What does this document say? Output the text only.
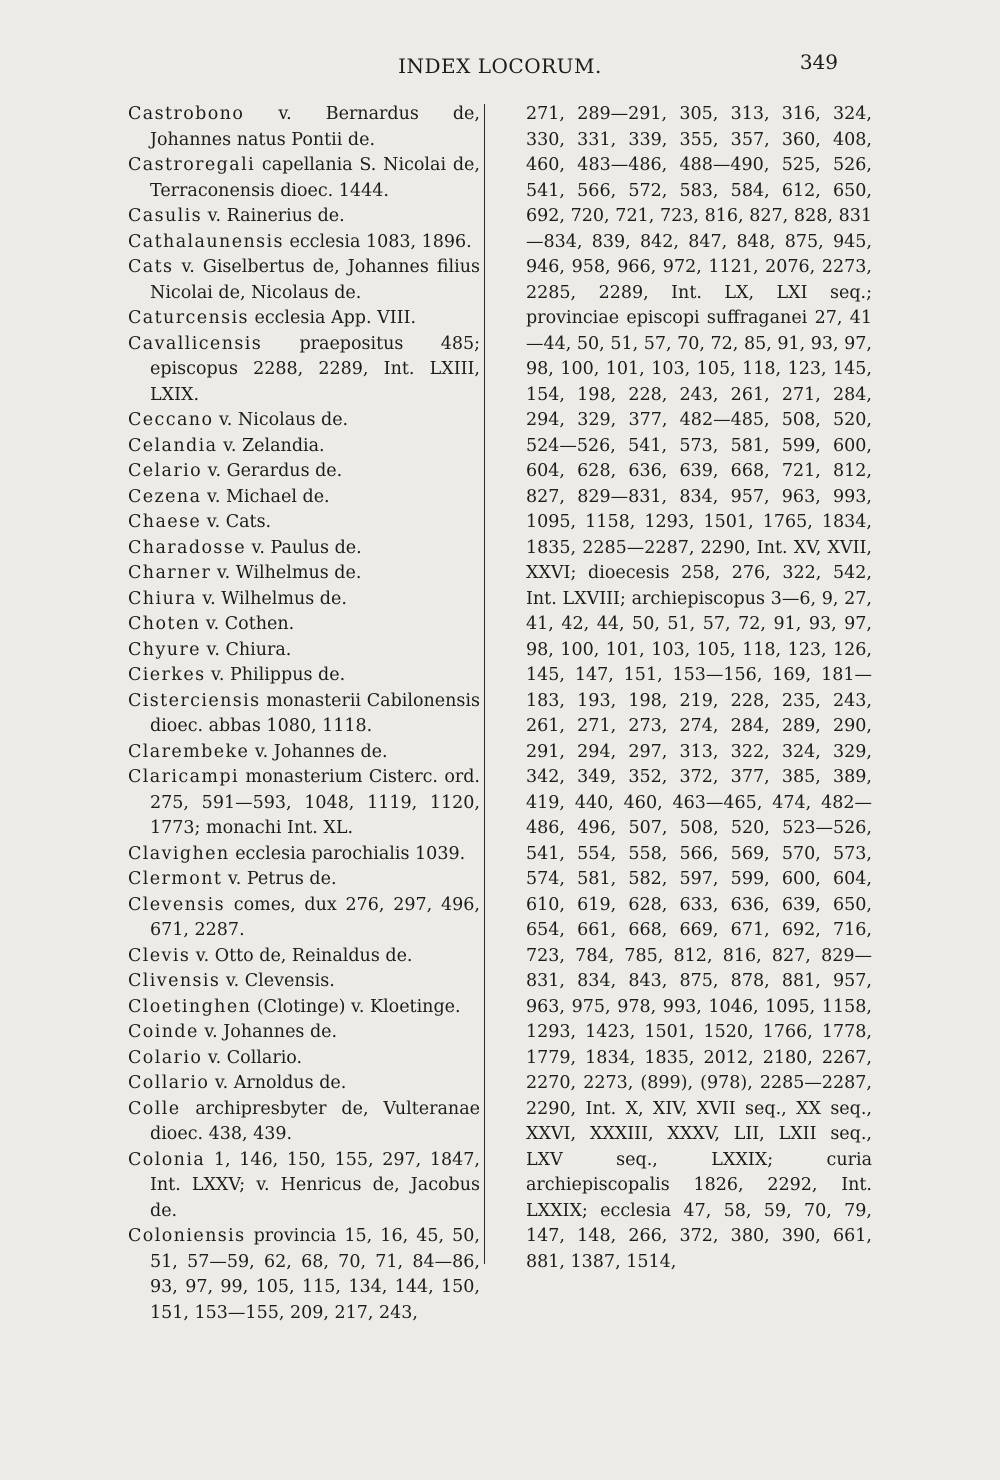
INDEX LOCORUM.	349

Castrobono v. Bernardus de, Johannes natus Pontii de.

Castroregali capellania S. Nicolai de, Terraconensis dioec. 1444.

Casulis v. Rainerius de.

Cathalaunensis ecclesia 1083, 1896.

Cats v. Giselbertus de, Johannes filius Nicolai de, Nicolaus de.

Caturcensis ecclesia App. VIII.

Cavallicensis praepositus 485; episcopus 2288, 2289, Int. LXIII, LXIX.

Ceccano v. Nicolaus de.

Celandia v. Zelandia.

Celario v. Gerardus de.

Cezena v. Michael de.

Chaese v. Cats.

Charadosse v. Paulus de.

Charner v. Wilhelmus de.

Chiura v. Wilhelmus de.

Choten v. Cothen.

Chyure v. Chiura.

Cierkes v. Philippus de.

Cisterciensis monasterii Cabilonensis dioec. abbas 1080, 1118.

Clarembeke v. Johannes de.

Claricampi monasterium Cisterc. ord. 275, 591—593, 1048, 1119, 1120, 1773; monachi Int. XL.

Clavighen ecclesia parochialis 1039.

Clermont v. Petrus de.

Clevensis comes, dux 276, 297, 496, 671, 2287.

Clevis v. Otto de, Reinaldus de.

Clivensis v. Clevensis.

Cloetinghen (Clotinge) v. Kloetinge.

Coinde v. Johannes de.

Colario v. Collario.

Collario v. Arnoldus de.

Colle archipresbyter de, Vulteranae dioec. 438, 439.

Colonia 1, 146, 150, 155, 297, 1847, Int. LXXV; v. Henricus de, Jacobus de.

Coloniensis provincia 15, 16, 45, 50, 51, 57—59, 62, 68, 70, 71, 84—86, 93, 97, 99, 105, 115, 134, 144, 150, 151, 153—155, 209, 217, 243,

271, 289—291, 305, 313, 316, 324, 330, 331, 339, 355, 357, 360, 408, 460, 483—486, 488—490, 525, 526, 541, 566, 572, 583, 584, 612, 650, 692, 720, 721, 723, 816, 827, 828, 831—834, 839, 842, 847, 848, 875, 945, 946, 958, 966, 972, 1121, 2076, 2273, 2285, 2289, Int. LX, LXI seq.; provinciae episcopi suffraganei 27, 41—44, 50, 51, 57, 70, 72, 85, 91, 93, 97, 98, 100, 101, 103, 105, 118, 123, 145, 154, 198, 228, 243, 261, 271, 284, 294, 329, 377, 482—485, 508, 520, 524—526, 541, 573, 581, 599, 600, 604, 628, 636, 639, 668, 721, 812, 827, 829—831, 834, 957, 963, 993, 1095, 1158, 1293, 1501, 1765, 1834, 1835, 2285—2287, 2290, Int. XV, XVII, XXVI; dioecesis 258, 276, 322, 542, Int. LXVIII; archiepiscopus 3—6, 9, 27, 41, 42, 44, 50, 51, 57, 72, 91, 93, 97, 98, 100, 101, 103, 105, 118, 123, 126, 145, 147, 151, 153—156, 169, 181—183, 193, 198, 219, 228, 235, 243, 261, 271, 273, 274, 284, 289, 290, 291, 294, 297, 313, 322, 324, 329, 342, 349, 352, 372, 377, 385, 389, 419, 440, 460, 463—465, 474, 482—486, 496, 507, 508, 520, 523—526, 541, 554, 558, 566, 569, 570, 573, 574, 581, 582, 597, 599, 600, 604, 610, 619, 628, 633, 636, 639, 650, 654, 661, 668, 669, 671, 692, 716, 723, 784, 785, 812, 816, 827, 829—831, 834, 843, 875, 878, 881, 957, 963, 975, 978, 993, 1046, 1095, 1158, 1293, 1423, 1501, 1520, 1766, 1778, 1779, 1834, 1835, 2012, 2180, 2267, 2270, 2273, (899), (978), 2285—2287, 2290, Int. X, XIV, XVII seq., XX seq., XXVI, XXXIII, XXXV, LII, LXII seq., LXV seq., LXXIX; curia archiepiscopalis 1826, 2292, Int. LXXIX; ecclesia 47, 58, 59, 70, 79, 147, 148, 266, 372, 380, 390, 661, 881, 1387, 1514,
